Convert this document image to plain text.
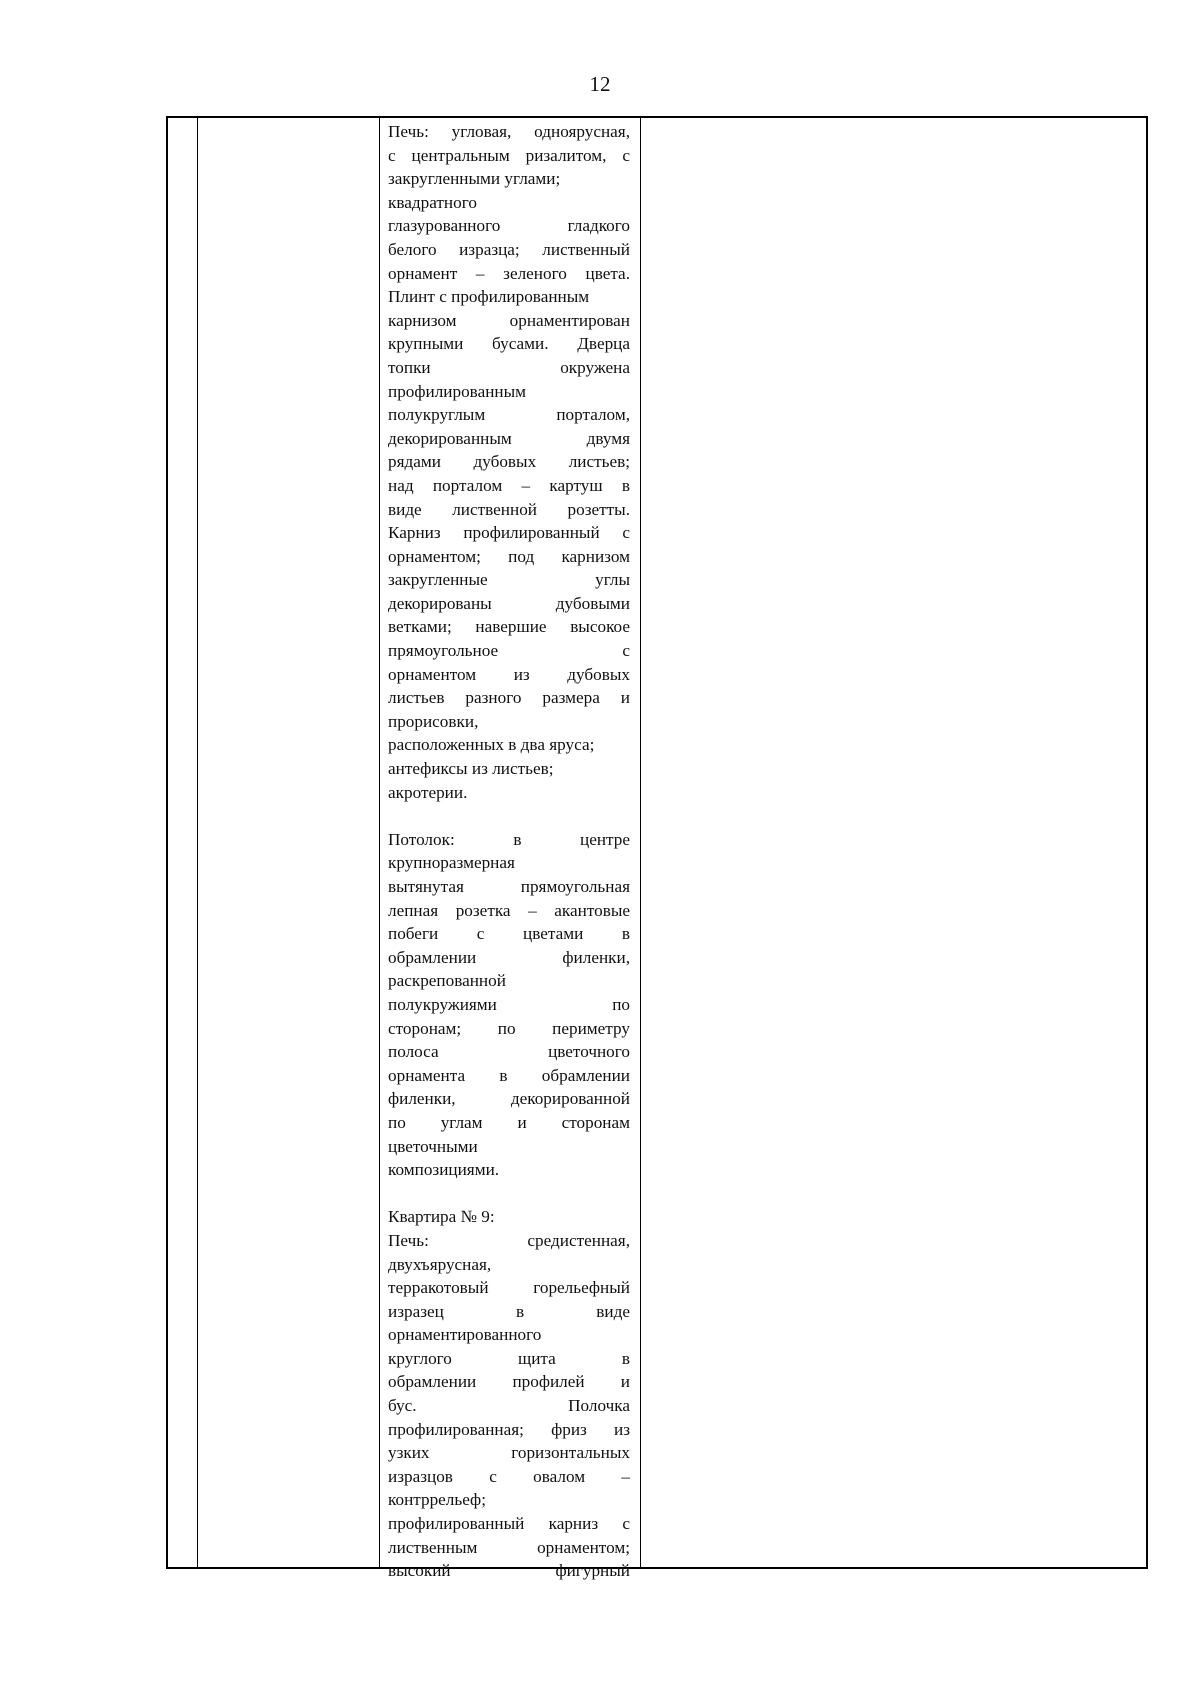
12
Печь: угловая, одноярусная,
с центральным ризалитом, с
закругленными углами;
квадратного
глазурованного гладкого
белого изразца; лиственный
орнамент – зеленого цвета.
Плинт с профилированным
карнизом орнаментирован
крупными бусами. Дверца
топки окружена
профилированным
полукруглым порталом,
декорированным двумя
рядами дубовых листьев;
над порталом – картуш в
виде лиственной розетты.
Карниз профилированный с
орнаментом; под карнизом
закругленные углы
декорированы дубовыми
ветками; навершие высокое
прямоугольное с
орнаментом из дубовых
листьев разного размера и
прорисовки,
расположенных в два яруса;
антефиксы из листьев;
акротерии.
Потолок: в центре
крупноразмерная
вытянутая прямоугольная
лепная розетка – акантовые
побеги с цветами в
обрамлении филенки,
раскрепованной
полукружиями по
сторонам; по периметру
полоса цветочного
орнамента в обрамлении
филенки, декорированной
по углам и сторонам
цветочными
композициями.
Квартира № 9:
Печь: средистенная,
двухъярусная,
терракотовый горельефный
изразец в виде
орнаментированного
круглого щита в
обрамлении профилей и
бус. Полочка
профилированная; фриз из
узких горизонтальных
изразцов с овалом –
контррельеф;
профилированный карниз с
лиственным орнаментом;
высокий фигурный
